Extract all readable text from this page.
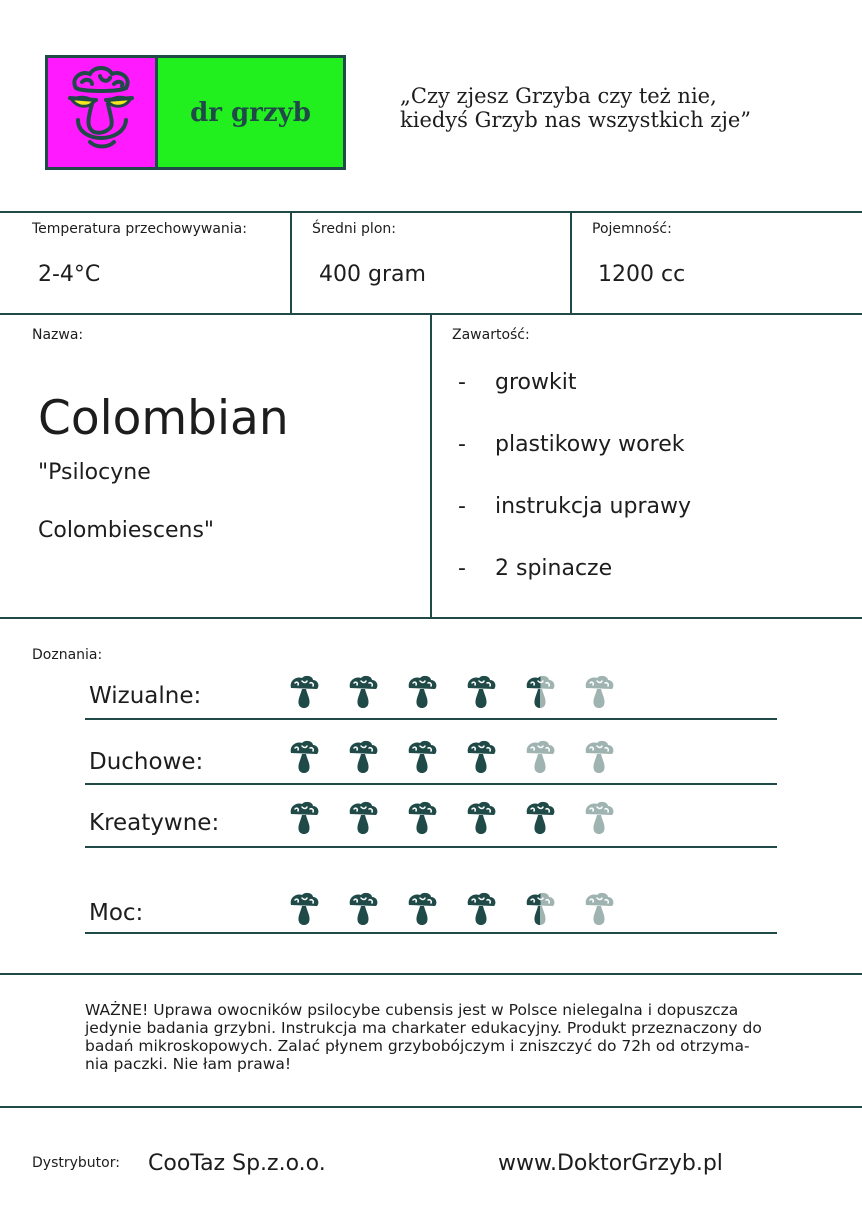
dr grzyb
„Czy zjesz Grzyba czy też nie,
kiedyś Grzyb nas wszystkich zje”
Temperatura przechowywania:
2-4°C
Średni plon:
400 gram
Pojemność:
1200 cc
Nazwa:
Colombian
"Psilocyne
Colombiescens"
Zawartość:
-	growkit
-	plastikowy worek
-	instrukcja uprawy
-	2 spinacze
Doznania:
Wizualne:
Duchowe:
Kreatywne:
Moc:
WAŻNE! Uprawa owocników psilocybe cubensis jest w Polsce nielegalna i dopuszcza
jedynie badania grzybni. Instrukcja ma charkater edukacyjny. Produkt przeznaczony do
badań mikroskopowych. Zalać płynem grzybobójczym i zniszczyć do 72h od otrzyma-
nia paczki. Nie łam prawa!
Dystrybutor: CooTaz Sp.z.o.o.	www.DoktorGrzyb.pl
